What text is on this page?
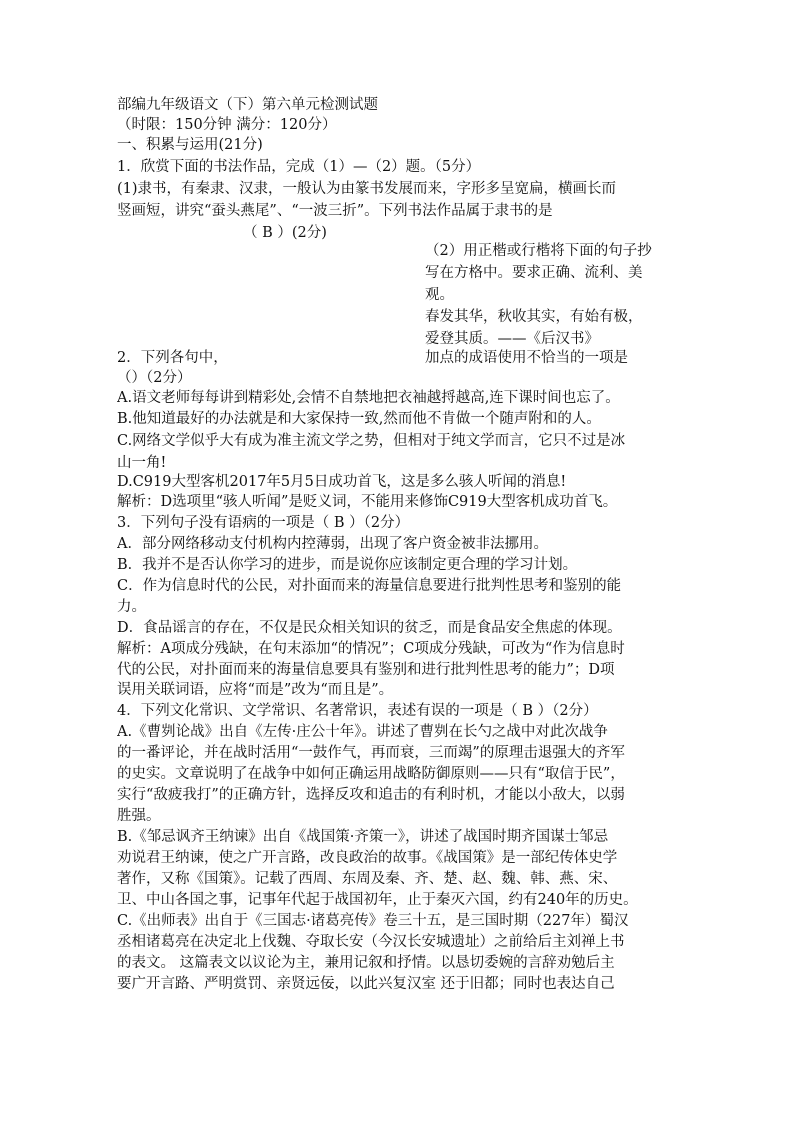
部编九年级语文（下）第六单元检测试题
（时限：150分钟 满分：120分）
一、积累与运用(21分)
1．欣赏下面的书法作品，完成（1）—（2）题。（5分）
(1)隶书，有秦隶、汉隶，一般认为由篆书发展而来，字形多呈宽扁，横画长而
竖画短，讲究“蚕头燕尾”、“一波三折”。下列书法作品属于隶书的是
（ B ）(2分)
（2）用正楷或行楷将下面的句子抄
写在方格中。要求正确、流利、美
观。
春发其华，秋收其实，有始有极，
爱登其质。——《后汉书》
2．下列各句中，	加点的成语使用不恰当的一项是
（）（2分）
A.语文老师每每讲到精彩处,会情不自禁地把衣袖越捋越高,连下课时间也忘了。
B.他知道最好的办法就是和大家保持一致,然而他不肯做一个随声附和的人。
C.网络文学似乎大有成为准主流文学之势，但相对于纯文学而言，它只不过是冰
山一角!
D.C919大型客机2017年5月5日成功首飞，这是多么骇人听闻的消息!
解析：D选项里“骇人听闻”是贬义词，不能用来修饰C919大型客机成功首飞。
3．下列句子没有语病的一项是（ B ）（2分）
A．部分网络移动支付机构内控薄弱，出现了客户资金被非法挪用。
B．我并不是否认你学习的进步，而是说你应该制定更合理的学习计划。
C．作为信息时代的公民，对扑面而来的海量信息要进行批判性思考和鉴别的能
力。
D．食品谣言的存在，不仅是民众相关知识的贫乏，而是食品安全焦虑的体现。
解析：A项成分残缺，在句末添加“的情况”；C项成分残缺，可改为“作为信息时
代的公民，对扑面而来的海量信息要具有鉴别和进行批判性思考的能力”；D项
误用关联词语，应将“而是”改为“而且是”。
4．下列文化常识、文学常识、名著常识，表述有误的一项是（ B ）（2分）
A.《曹刿论战》出自《左传·庄公十年》。讲述了曹刿在长勺之战中对此次战争
的一番评论，并在战时活用“一鼓作气，再而衰，三而竭”的原理击退强大的齐军
的史实。文章说明了在战争中如何正确运用战略防御原则——只有“取信于民”，
实行“敌疲我打”的正确方针，选择反攻和追击的有利时机，才能以小敌大，以弱
胜强。
B.《邹忌讽齐王纳谏》出自《战国策·齐策一》，讲述了战国时期齐国谋士邹忌
劝说君王纳谏，使之广开言路，改良政治的故事。《战国策》是一部纪传体史学
著作，又称《国策》。记载了西周、东周及秦、齐、楚、赵、魏、韩、燕、宋、
卫、中山各国之事，记事年代起于战国初年，止于秦灭六国，约有240年的历史。
C.《出师表》出自于《三国志·诸葛亮传》卷三十五，是三国时期（227年）蜀汉
丞相诸葛亮在决定北上伐魏、夺取长安（今汉长安城遗址）之前给后主刘禅上书
的表文。 这篇表文以议论为主，兼用记叙和抒情。以恳切委婉的言辞劝勉后主
要广开言路、严明赏罚、亲贤远佞，以此兴复汉室 还于旧都；同时也表达自己
